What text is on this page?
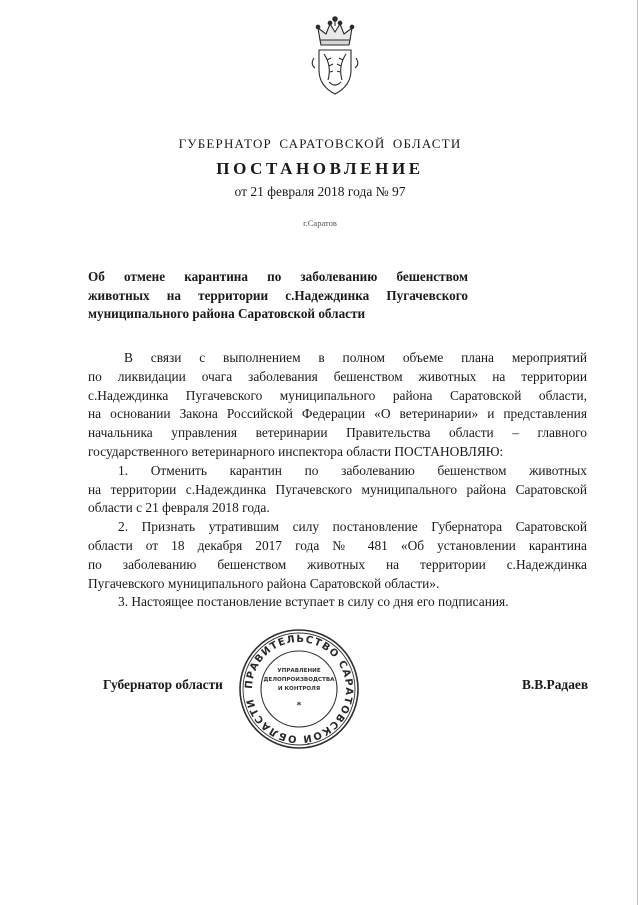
ГУБЕРНАТОР САРАТОВСКОЙ ОБЛАСТИ
ПОСТАНОВЛЕНИЕ
от 21 февраля 2018 года № 97
г.Саратов
Об отмене карантина по заболеванию бешенством
животных на территории с.Надеждинка Пугачевского
муниципального района Саратовской области
В связи с выполнением в полном объеме плана мероприятий
по ликвидации очага заболевания бешенством животных на территории
с.Надеждинка Пугачевского муниципального района Саратовской области,
на основании Закона Российской Федерации «О ветеринарии» и представления
начальника управления ветеринарии Правительства области – главного
государственного ветеринарного инспектора области ПОСТАНОВЛЯЮ:
1. Отменить карантин по заболеванию бешенством животных
на территории с.Надеждинка Пугачевского муниципального района Саратовской
области с 21 февраля 2018 года.
2. Признать утратившим силу постановление Губернатора Саратовской
области от 18 декабря 2017 года № 481 «Об установлении карантина
по заболеванию бешенством животных на территории с.Надеждинка
Пугачевского муниципального района Саратовской области».
3. Настоящее постановление вступает в силу со дня его подписания.
Губернатор области	В.В.Радаев
ПРАВИТЕЛЬСТВО САРАТОВСКОЙ ОБЛАСТИ
УПРАВЛЕНИЕ
ДЕЛОПРОИЗВОДСТВА
И КОНТРОЛЯ
*
